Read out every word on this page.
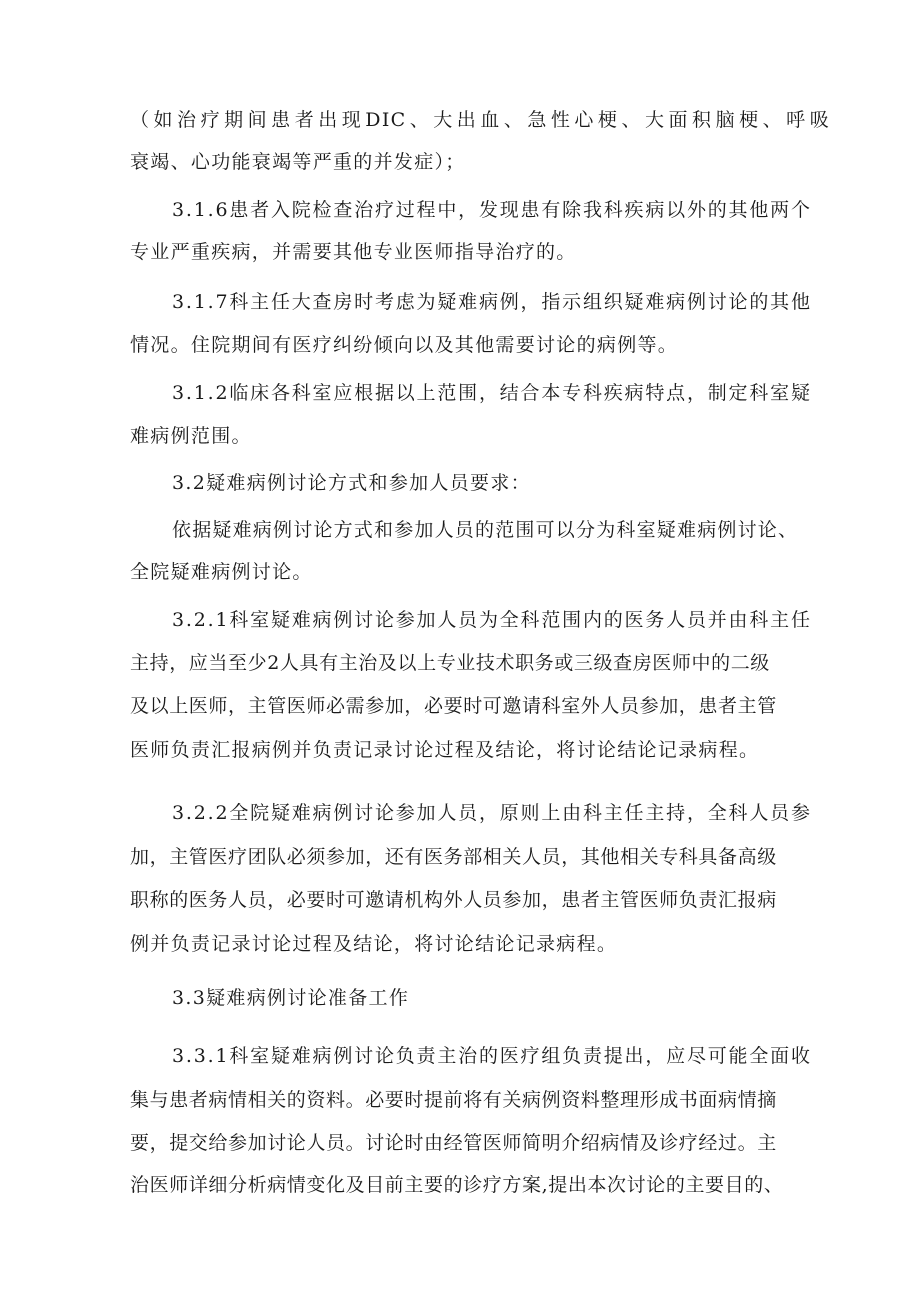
（如治疗期间患者出现DIC、大出血、急性心梗、大面积脑梗、呼吸
衰竭、心功能衰竭等严重的并发症）；
3.1.6患者入院检查治疗过程中，发现患有除我科疾病以外的其他两个
专业严重疾病，并需要其他专业医师指导治疗的。
3.1.7科主任大查房时考虑为疑难病例，指示组织疑难病例讨论的其他
情况。住院期间有医疗纠纷倾向以及其他需要讨论的病例等。
3.1.2临床各科室应根据以上范围，结合本专科疾病特点，制定科室疑
难病例范围。
3.2疑难病例讨论方式和参加人员要求：
依据疑难病例讨论方式和参加人员的范围可以分为科室疑难病例讨论、
全院疑难病例讨论。
3.2.1科室疑难病例讨论参加人员为全科范围内的医务人员并由科主任
主持，应当至少2人具有主治及以上专业技术职务或三级查房医师中的二级
及以上医师，主管医师必需参加，必要时可邀请科室外人员参加，患者主管
医师负责汇报病例并负责记录讨论过程及结论，将讨论结论记录病程。
3.2.2全院疑难病例讨论参加人员，原则上由科主任主持，全科人员参
加，主管医疗团队必须参加，还有医务部相关人员，其他相关专科具备高级
职称的医务人员，必要时可邀请机构外人员参加，患者主管医师负责汇报病
例并负责记录讨论过程及结论，将讨论结论记录病程。
3.3疑难病例讨论准备工作
3.3.1科室疑难病例讨论负责主治的医疗组负责提出，应尽可能全面收
集与患者病情相关的资料。必要时提前将有关病例资料整理形成书面病情摘
要，提交给参加讨论人员。讨论时由经管医师简明介绍病情及诊疗经过。主
治医师详细分析病情变化及目前主要的诊疗方案,提出本次讨论的主要目的、
